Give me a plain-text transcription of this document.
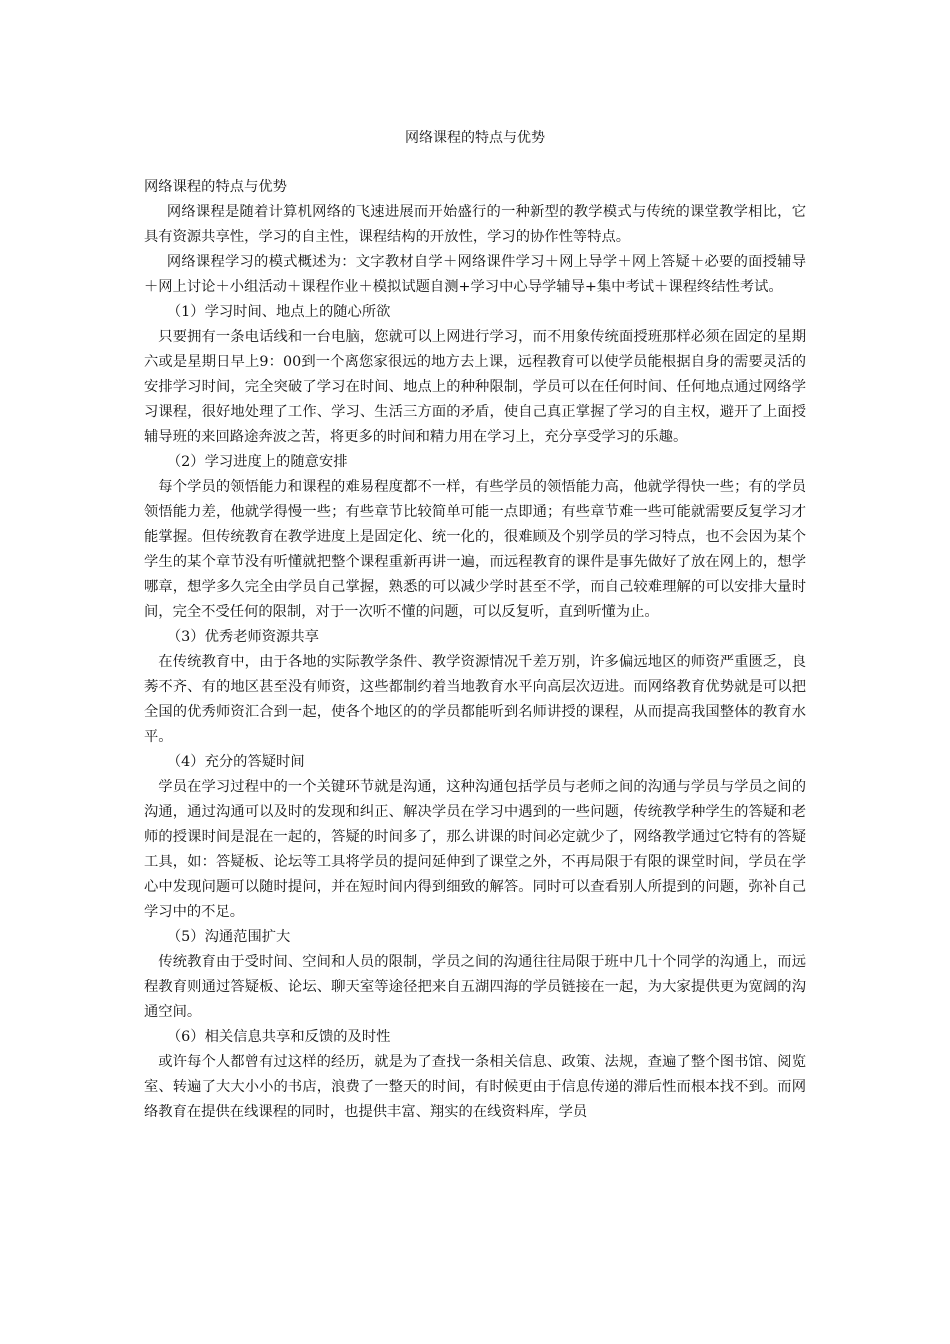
网络课程的特点与优势

网络课程的特点与优势

网络课程是随着计算机网络的飞速进展而开始盛行的一种新型的教学模式与传统的课堂教学相比，它具有资源共享性，学习的自主性，课程结构的开放性，学习的协作性等特点。

网络课程学习的模式概述为：文字教材自学＋网络课件学习＋网上导学＋网上答疑＋必要的面授辅导＋网上讨论＋小组活动＋课程作业＋模拟试题自测+学习中心导学辅导+集中考试＋课程终结性考试。

（1）学习时间、地点上的随心所欲

只要拥有一条电话线和一台电脑，您就可以上网进行学习，而不用象传统面授班那样必须在固定的星期六或是星期日早上9：00到一个离您家很远的地方去上课，远程教育可以使学员能根据自身的需要灵活的安排学习时间，完全突破了学习在时间、地点上的种种限制，学员可以在任何时间、任何地点通过网络学习课程，很好地处理了工作、学习、生活三方面的矛盾，使自己真正掌握了学习的自主权，避开了上面授辅导班的来回路途奔波之苦，将更多的时间和精力用在学习上，充分享受学习的乐趣。

（2）学习进度上的随意安排

每个学员的领悟能力和课程的难易程度都不一样，有些学员的领悟能力高，他就学得快一些；有的学员领悟能力差，他就学得慢一些；有些章节比较简单可能一点即通；有些章节难一些可能就需要反复学习才能掌握。但传统教育在教学进度上是固定化、统一化的，很难顾及个别学员的学习特点，也不会因为某个学生的某个章节没有听懂就把整个课程重新再讲一遍，而远程教育的课件是事先做好了放在网上的，想学哪章，想学多久完全由学员自己掌握，熟悉的可以减少学时甚至不学，而自己较难理解的可以安排大量时间，完全不受任何的限制，对于一次听不懂的问题，可以反复听，直到听懂为止。

（3）优秀老师资源共享

在传统教育中，由于各地的实际教学条件、教学资源情况千差万别，许多偏远地区的师资严重匮乏，良莠不齐、有的地区甚至没有师资，这些都制约着当地教育水平向高层次迈进。而网络教育优势就是可以把全国的优秀师资汇合到一起，使各个地区的的学员都能听到名师讲授的课程，从而提高我国整体的教育水平。

（4）充分的答疑时间

学员在学习过程中的一个关键环节就是沟通，这种沟通包括学员与老师之间的沟通与学员与学员之间的沟通，通过沟通可以及时的发现和纠正、解决学员在学习中遇到的一些问题，传统教学种学生的答疑和老师的授课时间是混在一起的，答疑的时间多了，那么讲课的时间必定就少了，网络教学通过它特有的答疑工具，如：答疑板、论坛等工具将学员的提问延伸到了课堂之外，不再局限于有限的课堂时间，学员在学心中发现问题可以随时提问，并在短时间内得到细致的解答。同时可以查看别人所提到的问题，弥补自己学习中的不足。

（5）沟通范围扩大

传统教育由于受时间、空间和人员的限制，学员之间的沟通往往局限于班中几十个同学的沟通上，而远程教育则通过答疑板、论坛、聊天室等途径把来自五湖四海的学员链接在一起，为大家提供更为宽阔的沟通空间。

（6）相关信息共享和反馈的及时性

或许每个人都曾有过这样的经历，就是为了查找一条相关信息、政策、法规，查遍了整个图书馆、阅览室、转遍了大大小小的书店，浪费了一整天的时间，有时候更由于信息传递的滞后性而根本找不到。而网络教育在提供在线课程的同时，也提供丰富、翔实的在线资料库，学员
